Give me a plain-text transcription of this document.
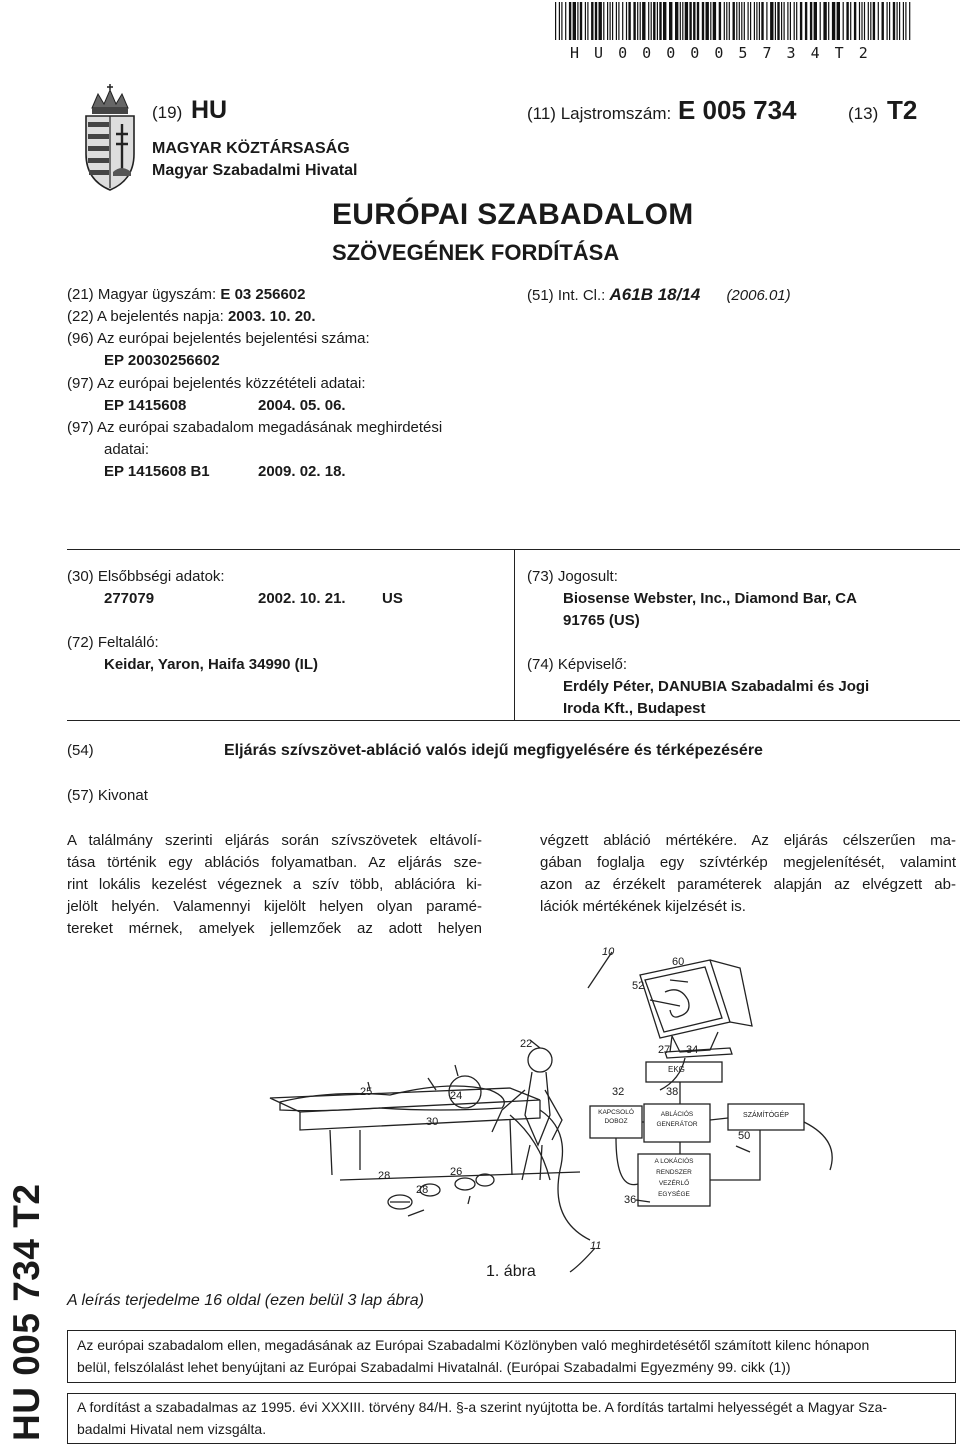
H U 0 0 0 0 0 5 7 3 4 T 2
(19) HU	(11) Lajstromszám: E 005 734	(13) T2
MAGYAR KÖZTÁRSASÁG
Magyar Szabadalmi Hivatal
EURÓPAI SZABADALOM
SZÖVEGÉNEK FORDÍTÁSA
(21) Magyar ügyszám: E 03 256602
(22) A bejelentés napja: 2003. 10. 20.
(96) Az európai bejelentés bejelentési száma:
EP 20030256602
(97) Az európai bejelentés közzétételi adatai:
EP 1415608	2004. 05. 06.
(97) Az európai szabadalom megadásának meghirdetési
adatai:
EP 1415608 B1	2009. 02. 18.
(51) Int. Cl.: A61B 18/14 (2006.01)
(30) Elsőbbségi adatok:
277079	2002. 10. 21. US
(72) Feltaláló:
Keidar, Yaron, Haifa 34990 (IL)
(73) Jogosult:
Biosense Webster, Inc., Diamond Bar, CA
91765 (US)
(74) Képviselő:
Erdély Péter, DANUBIA Szabadalmi és Jogi
Iroda Kft., Budapest
(54)	Eljárás szívszövet-abláció valós idejű megfigyelésére és térképezésére
(57) Kivonat
A találmány szerinti eljárás során szívszövetek eltávolí-
tása történik egy ablációs folyamatban. Az eljárás sze-
rint lokális kezelést végeznek a szív több, ablációra ki-
jelölt helyén. Valamennyi kijelölt helyen olyan paramé-
tereket mérnek, amelyek jellemzőek az adott helyen
végzett abláció mértékére. Az eljárás célszerűen ma-
gában foglalja egy szívtérkép megjelenítését, valamint
azon az érzékelt paraméterek alapján az elvégzett ab-
lációk mértékének kijelzését is.
10
60
52
22	34
27
25	24
30
32	38
26
28
28
50
36
11
EKG
KAPCSOLÓ
DOBOZ
ABLÁCIÓS
GENERÁTOR
SZÁMÍTÓGÉP
A LOKÁCIÓS
RENDSZER
VEZÉRLŐ
EGYSÉGE
1. ábra
A leírás terjedelme 16 oldal (ezen belül 3 lap ábra)
Az európai szabadalom ellen, megadásának az Európai Szabadalmi Közlönyben való meghirdetésétől számított kilenc hónapon
belül, felszólalást lehet benyújtani az Európai Szabadalmi Hivatalnál. (Európai Szabadalmi Egyezmény 99. cikk (1))
A fordítást a szabadalmas az 1995. évi XXXIII. törvény 84/H. §-a szerint nyújtotta be. A fordítás tartalmi helyességét a Magyar Sza-
badalmi Hivatal nem vizsgálta.
HU 005 734 T2
